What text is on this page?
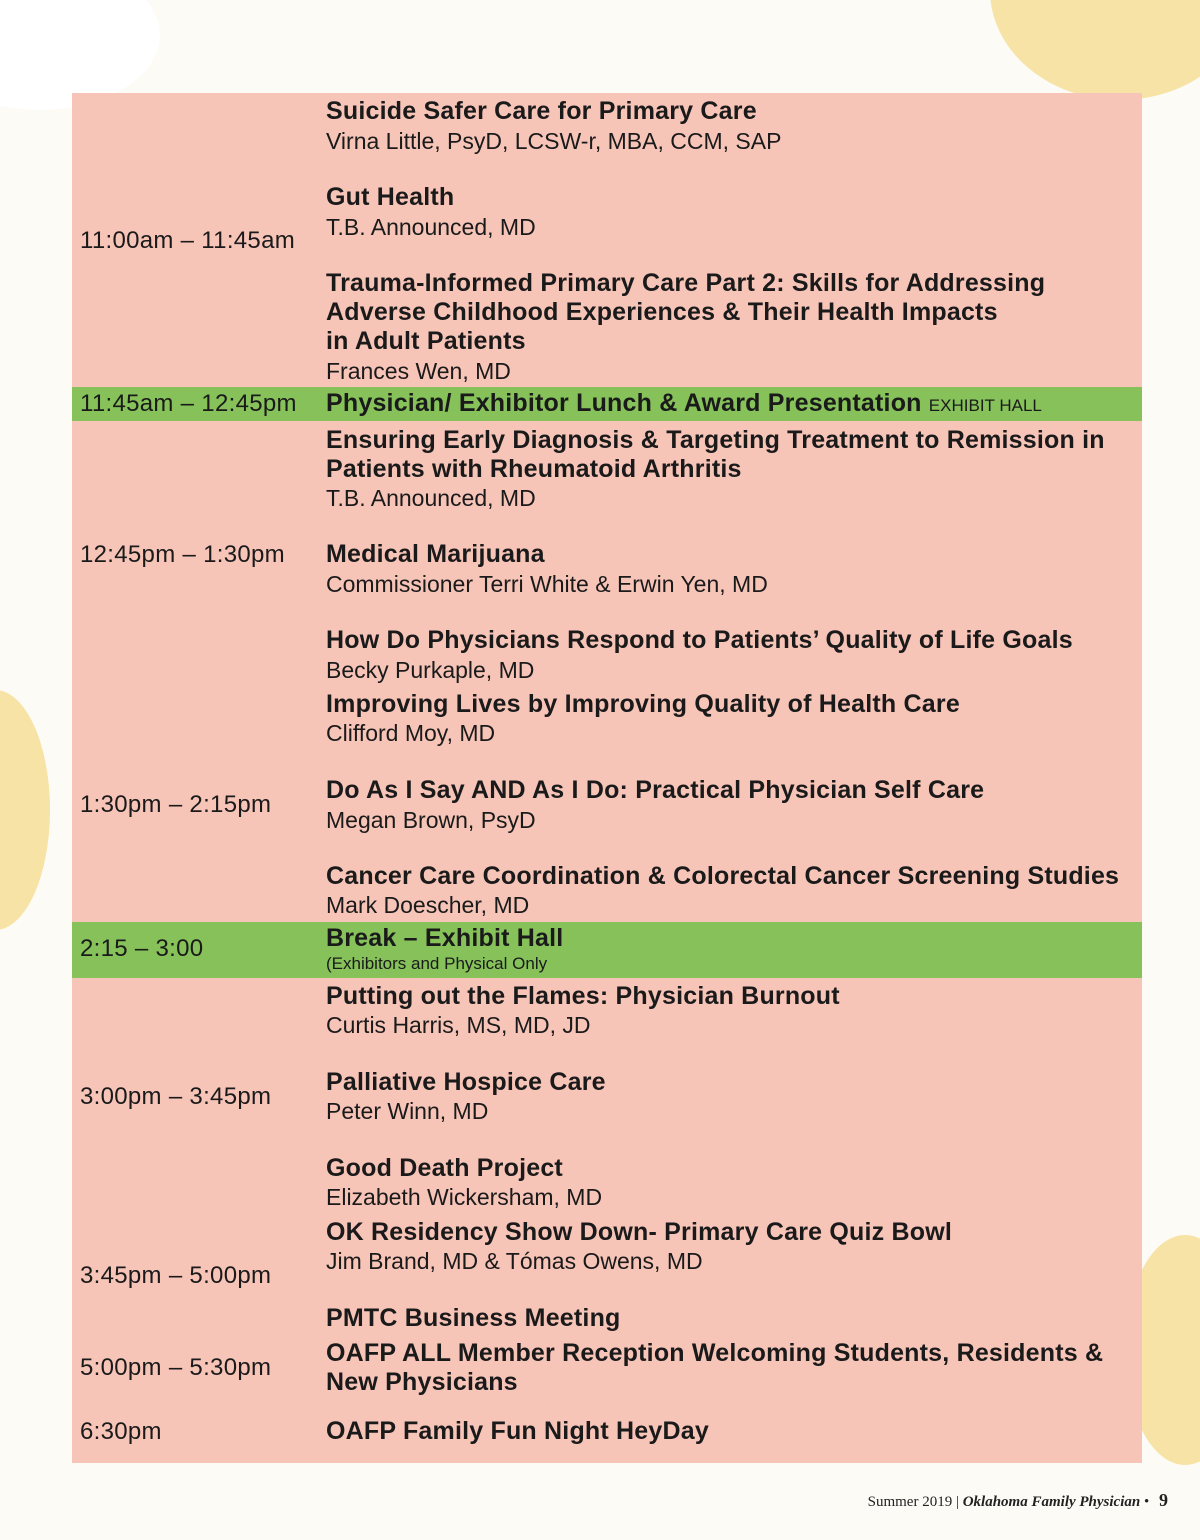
11:00am – 11:45am
Suicide Safer Care for Primary Care
Virna Little, PsyD, LCSW-r, MBA, CCM, SAP
Gut Health
T.B. Announced, MD
Trauma-Informed Primary Care Part 2: Skills for Addressing
Adverse Childhood Experiences & Their Health Impacts
in Adult Patients
Frances Wen, MD
11:45am – 12:45pm Physician/ Exhibitor Lunch & Award Presentation EXHIBIT HALL
12:45pm – 1:30pm
Ensuring Early Diagnosis & Targeting Treatment to Remission in
Patients with Rheumatoid Arthritis
T.B. Announced, MD
Medical Marijuana
Commissioner Terri White & Erwin Yen, MD
How Do Physicians Respond to Patients’ Quality of Life Goals
Becky Purkaple, MD
1:30pm – 2:15pm
Improving Lives by Improving Quality of Health Care
Clifford Moy, MD
Do As I Say AND As I Do: Practical Physician Self Care
Megan Brown, PsyD
Cancer Care Coordination & Colorectal Cancer Screening Studies
Mark Doescher, MD
2:15 – 3:00	Break – Exhibit Hall
(Exhibitors and Physical Only
3:00pm – 3:45pm
Putting out the Flames: Physician Burnout
Curtis Harris, MS, MD, JD
Palliative Hospice Care
Peter Winn, MD
Good Death Project
Elizabeth Wickersham, MD
3:45pm – 5:00pm
OK Residency Show Down- Primary Care Quiz Bowl
Jim Brand, MD & Tómas Owens, MD
PMTC Business Meeting
5:00pm – 5:30pm
OAFP ALL Member Reception Welcoming Students, Residents &
New Physicians
6:30pm	OAFP Family Fun Night HeyDay
Summer 2019 | Oklahoma Family Physician • 9
